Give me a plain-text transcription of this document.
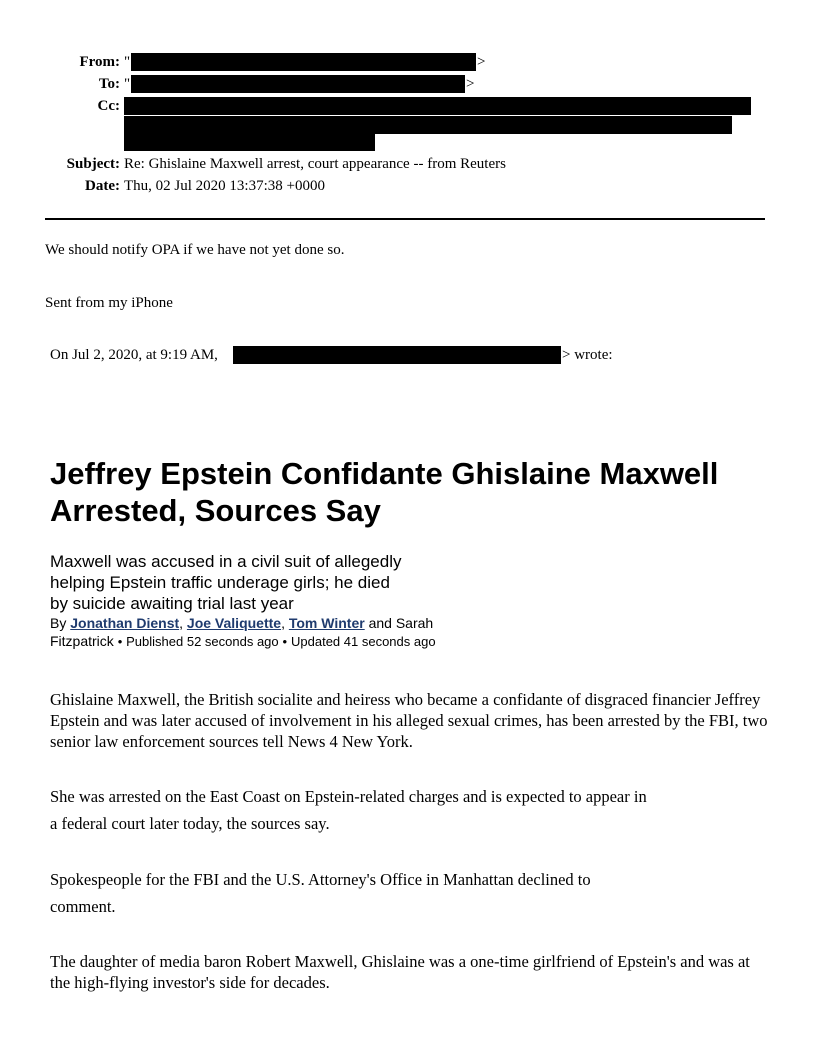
From: "	>
To: "	>
Cc:
Subject: Re: Ghislaine Maxwell arrest, court appearance -- from Reuters
Date: Thu, 02 Jul 2020 13:37:38 +0000
We should notify OPA if we have not yet done so.
Sent from my iPhone
On Jul 2, 2020, at 9:19 AM,	> wrote:
Jeffrey Epstein Confidante Ghislaine Maxwell Arrested, Sources Say
Maxwell was accused in a civil suit of allegedly
helping Epstein traffic underage girls; he died
by suicide awaiting trial last year
By Jonathan Dienst, Joe Valiquette, Tom Winter and Sarah
Fitzpatrick • Published 52 seconds ago • Updated 41 seconds ago

Ghislaine Maxwell, the British socialite and heiress who became a confidante of disgraced financier Jeffrey Epstein and was later accused of involvement in his alleged sexual crimes, has been arrested by the FBI, two senior law enforcement sources tell News 4 New York.

She was arrested on the East Coast on Epstein-related charges and is expected to appear in a federal court later today, the sources say.

Spokespeople for the FBI and the U.S. Attorney's Office in Manhattan declined to comment.

The daughter of media baron Robert Maxwell, Ghislaine was a one-time girlfriend of Epstein's and was at the high-flying investor's side for decades.
